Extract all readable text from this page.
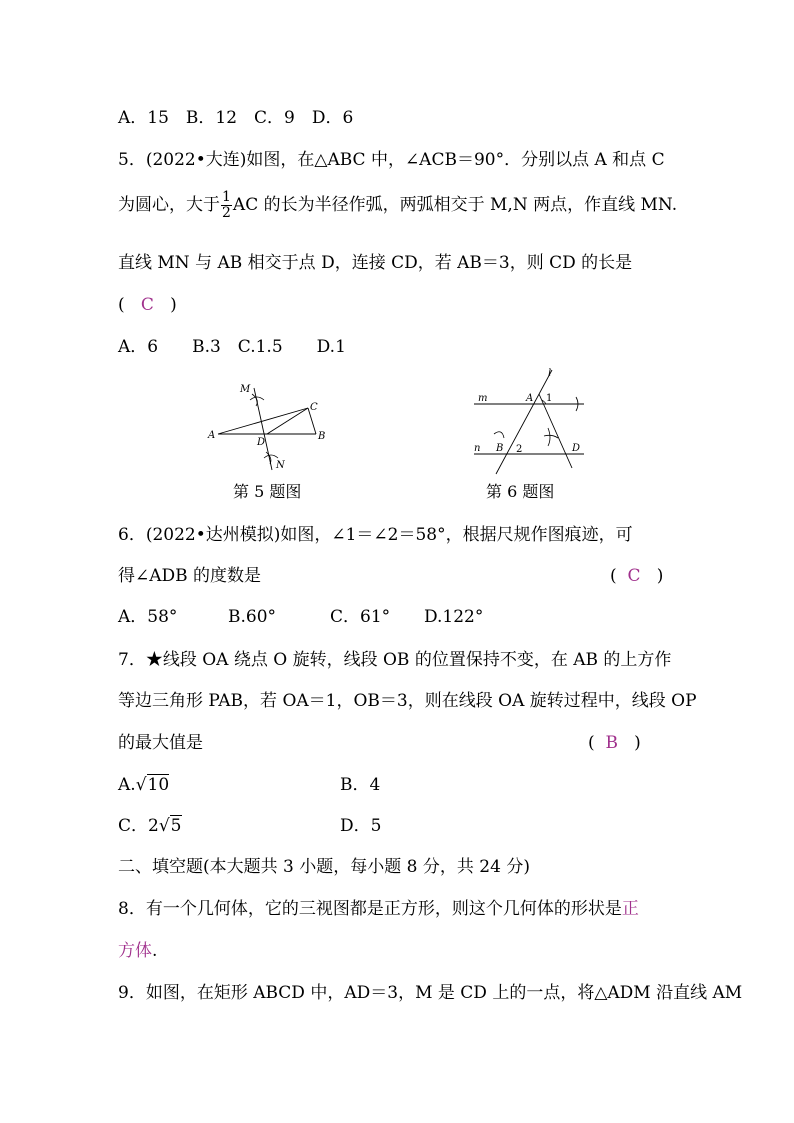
A．15　B．12　C．9　D．6
5．(2022•大连)如图，在△ABC 中，∠ACB＝90°．分别以点 A 和点 C
为圆心，大于 $\frac{1}{2}$ AC 的长为半径作弧，两弧相交于 M,N 两点，作直线 MN.
直线 MN 与 AB 相交于点 D，连接 CD，若 AB＝3，则 CD 的长是
( C )
A．6　　B.3　C.1.5　　D.1
M
C
A
D
B
N
第 5 题图
l
m	A 1
n B 2	D
第 6 题图
6．(2022•达州模拟)如图，∠1＝∠2＝58°，根据尺规作图痕迹，可
得∠ADB 的度数是	( C )
A．58°	B.60°	C．61° D.122°
7．★线段 OA 绕点 O 旋转，线段 OB 的位置保持不变，在 AB 的上方作
等边三角形 PAB，若 OA＝1，OB＝3，则在线段 OA 旋转过程中，线段 OP
的最大值是	( B )
A.√10	B．4
C．2√5	D．5
二、填空题(本大题共 3 小题，每小题 8 分，共 24 分)
8．有一个几何体，它的三视图都是正方形，则这个几何体的形状是正
方体.
9．如图，在矩形 ABCD 中，AD＝3，M 是 CD 上的一点，将△ADM 沿直线 AM
